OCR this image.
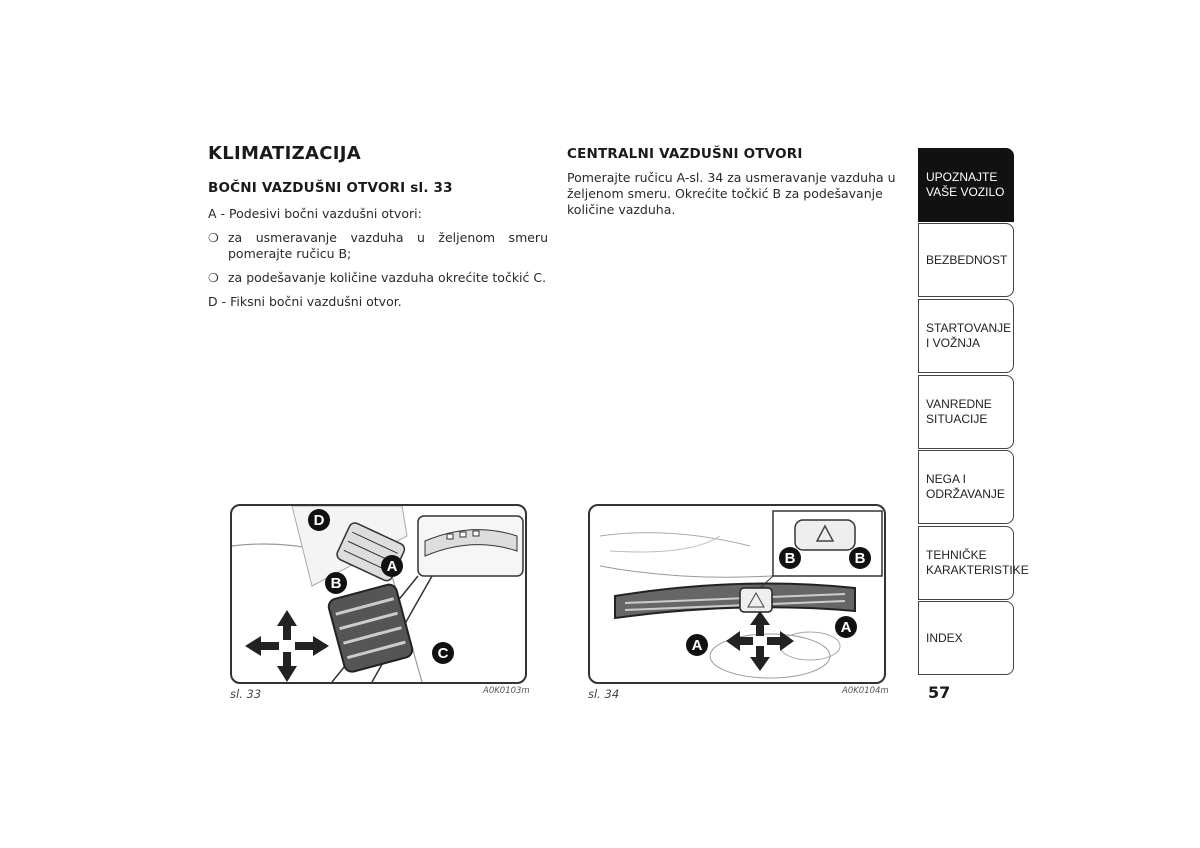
KLIMATIZACIJA
BOČNI VAZDUŠNI OTVORI sl. 33
A - Podesivi bočni vazdušni otvori:
❍ za usmeravanje vazduha u željenom smeru pomerajte ručicu B;
❍ za podešavanje količine vazduha okrećite točkić C.
D - Fiksni bočni vazdušni otvor.
CENTRALNI VAZDUŠNI OTVORI
Pomerajte ručicu A-sl. 34 za usmeravanje vazduha u željenom smeru. Okrećite točkić B za podešavanje količine vazduha.
D
A
B
C
sl. 33	A0K0103m
B	B
A
A
sl. 34	A0K0104m
UPOZNAJTE
VAŠE VOZILO
BEZBEDNOST
STARTOVANJE
I VOŽNJA
VANREDNE
SITUACIJE
NEGA I
ODRŽAVANJE
TEHNIČKE
KARAKTERISTIKE
INDEX
57
